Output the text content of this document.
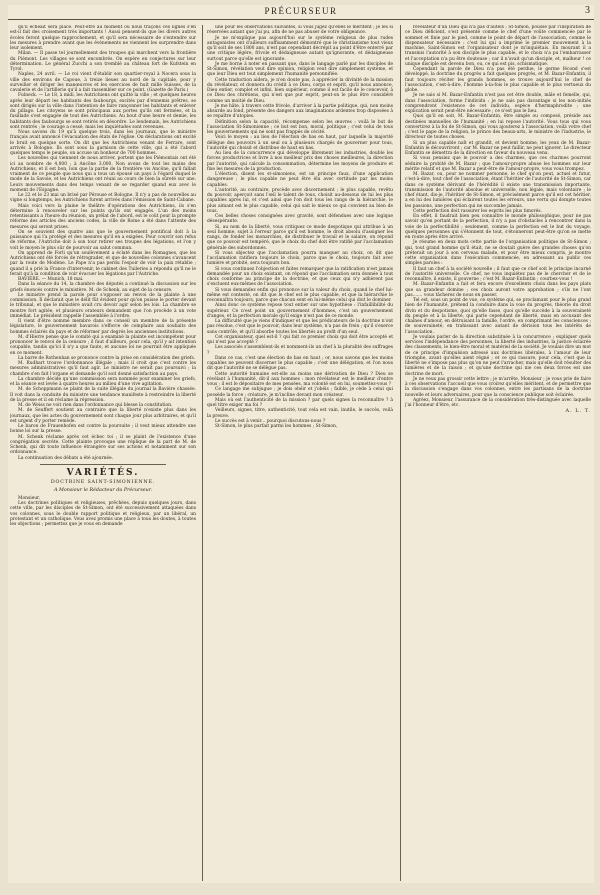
PRÉCURSEUR	3

qu'il échéait sera placé. Peut-être au moment où nous traçons ces lignes s'en est-il fait des croisement très importants ! Aussi pensent-ils que les divers autres écoles feront quelque rapprochement, et qu'il sera nécessaire de s'entendre sur les mesures à prendre avant que les événements ne viennent les surprendre dans leur isolement.

Milan. — Il passe tel journellement des troupes qui marchent vers la frontière du Piémont. Les villages se sont encombrés. On espère en conjectures sur leur détermination. Le général Zucchi a son tremblé au château fort de Kufstein en Tyrol.

Naples, 24 avril. — Le roi vient d'établir son quartier-royal à Nocera sous la ville des environs de Capoue, à treize lieues au nord de la capitale, pour y surveiller et diriger les manœuvres et les exercices de huit mille Suisses, de la cavalerie et de l'artillerie qu'il a fait rassembler sur ce point. (Gazette de Paris.)

Fulneck. — Le 18, à midi, les Autrichiens ont quitté la ville ; et quelques heures après leur départ les habitants des faubourgs, excités par d'ennemis prêtres, se sont dirigés sur la ville dans l'intention de faire rançonner les habitants et enlever du pillage. Les citoyens se sont principaux aux portes qu'ils ont fermées, et la fusillade s'est engagée de tout des Autrichiens. Au bout d'une heure et demie, les habitants des faubourgs se sont retirés en désordre. Le lendemain, les Autrichiens sont rentrés ; le courage a cessé, mais les inquiétudes sont revenues.

Nous savons du 19 qu'à quelque trois, dans les journaux, que le ministre français avait annoncé l'évacuation des états de l'église. On déclarations ont excité le bruit en quelque sorte. On dit que les Autrichiens venant de Ferrare, sont arrivés à Bologne. Ils sont sous la garnison de cette ville, qui a été l'abord quelques temps le peuple, on accuse un bonheur de 700 hommes.

Les nouvelles qui viennent de nous arriver, portent que les Piémontais ont été ici au nombre de 4,000 ; à Ancône 3,000. Non avons de tout les mains des Autrichiens, et il est bon, loin que la partie de la frontière vis Ancône, qu'il fallait vraiment de ce peuple que nous qui a tous un épousé un pays à l'égard duquel le mode de la Savoie, et les Autrichiens ont réuni au cours de bien la sûreté sur une. Leurs mouvements dans des temps venant de se regarder quand eux avec le moment de l'Espagne.

Le 22 et le 23 mai un brisé par Pérouse et Bologne. Il n'y a pas de nouvelles au vigne si longtemps, les Autrichiens furent arrivés dans l'émission de Saint-Cabane.

Mais voici vers la plaine le théâtre d'opérations des Autrichiens, ils s'en détermine à renouveler sur les points qu'ils ont engagés. L'un des moins retentissants a l'heure du réunion, un prélat de l'abord, est le coût pour la prompte réforme des articles des anciens codes, la ville de Rome a été dans l'attente des mesures qui seront prises.

On se souvient des quatre ans que le gouvernement pontifical doit à la puissance qui l'a protégé et des mesures qu'il en a exigées. Pour couvrir son refus de réforme, l'Autriche doit à son tour retirer ses troupes des légations, et l'on y voit le moyen le plus sûr de pourvoir au salut commun.

On apprend de Forli qu'un soulèvement a éclaté dans les Romagnes, que les Autrichiens ont été forcés de rétrograder, et que de nouvelles colonnes s'avancent par la route de Modène. Le Pape n'a pas perdu l'espoir de voir la paix rétablie ; quand il a prié la France d'intervenir, le cabinet des Tuileries a répondu qu'il ne le ferait qu'à la condition de voir évacuer les légations par l'Autriche.

BAVIÈRE. — Munich, 18 mai.

Dans la séance du 14, la chambre des députés a continué la discussion sur les griefs énoncés contre le ministère. M. de Schenk, au sujet de la censure.

Le ministre prend la parole pour s'opposer au renvoi de la plainte à une commission. Il déclarait que le délit fût évident pour qu'on puisse le porter devant le tribunal, et que le ministère avait cru devoir agir selon les lois. La chambre se montre fort agitée, et plusieurs orateurs demandent que l'on procède à un vote immédiat. Le président rappelle l'assemblée à l'ordre.

Il vient d'être nommé membre dans ce conseil un membre de la présente législature, le gouvernement bavarois s'efforce de complaire aux souhaits des hommes éclairés du pays et de réformer par degrés les anciennes institutions.

M. d'Hierre pense que le comité qui a examiné la plainte est incompétent pour prononcer le renvoi de la censure ; il faut d'ailleurs, pour cela, qu'il y ait intention coupable, tandis qu'ici il n'y a que faute, et aucune loi ne pourrait être appliquée en ce moment.

La barre de Rothenhan se prononce contre la prise en considération des griefs.

M. Rudhart trouve l'ordonnance illégale ; mais il croit que c'est contre les mesures administratives qu'il faut agir. Le ministre ne serait pas poursuivi ; la chambre s'en fait l'organe et demande qu'il soit donné satisfaction au pays.

La chambre décide qu'une commission sera nommée pour examiner les griefs, et la séance est levée à quatre heures au milieu d'une vive agitation.

M. de Schoppmann se plaint de la suite illégale du journal la Bavière chassée. Il voit dans la conduite du ministre une tendance manifeste à restreindre la liberté de la presse et il en réclame la répression.

M. de Weiss ne voit rien dans l'ordonnance qui blesse la constitution.

M. de Seuffert soutient au contraire que la liberté n'existe plus dans les journaux, que les actes du gouvernement sont chaque jour plus arbitraires, et qu'il est urgent d'y porter remède.

Le baron de Frauenhofen est contre la poursuite ; il veut mieux attendre une bonne loi sur la presse.

M. Schenk réclame après cet échec toi ; il se plaint de l'existence d'une congrégation secrète. Cette plainte provoque une réplique de la part de M. de Schenk, qui dit toute influence étrangère sur ses actions et notamment sur son ordonnance.

La continuation des débats a été ajournée.

VARIÉTÉS.
DOCTRINE SAINT-SIMONIENNE.
A Monsieur le Rédacteur du Précurseur.

Monsieur,

Les doctrines politiques et religieuses, prêchées, depuis quelques jours, dans cette ville, par les disciples de St-Simon, ont été successivement attaquées dans vos colonnes, sous le double rapport politique et religieux, par un libéral, un protestant et un catholique. Vous avez promis une place à tous les doutes, à toutes les objections ; permettez que je vous en demande

une pour les observations suivantes, si vous jugez qu'elles le méritent ; je les si réservées autant que j'ai pu, afin de ne pas abuser de votre obligeance.

Je ne m'explique pas aujourd'hui sur le système religieux de plus rudes antagonistes ont d'ailleurs suffisamment démontré que le christianisme tout vieux qu'il soit de ses 1800 ans, n'est pas cependant décrépit au point d'être enterré par une critique légère, frivole et dédaigneuse autant qu'ignorante, et dédaigneuse surtout parce qu'elle est ignorante.

Je me borne à noter en passant que, dans le langage parlé par les disciples de St-Simon, révélation veut dire opinion, religion veut dire simplement système, et que leur Dieu est tout simplement l'humanité personnifiée.

Cette traduction aidera, je n'en doute pas, à apprécier la divinité de la mission du révélateur, et donnera du crédit à ce Dieu, corps et esprit, qu'il nous annonce, Dieu entier, complet et infini, bien supérieur, comme il est facile de le concevoir, à ce Dieu des chrétiens, qui n'est que pur esprit, peut-on le plus être considéré comme un moitié de Dieu.

Je me hâte, à travers cette frivole, d'arriver à la partie politique, qui, non moins absurde au fond, présente des dangers aux imaginations ardentes trop disposées à se repaître d'utopies.

Définition selon la capacité, récompense selon les œuvres : voilà le but de l'association St-Simonienne ; ce but est bon, moral, politique ; c'est celui de tous les gouvernements qui ne sont pas frappés de cécité.

Voici le moyen : au lieu de l'élection de bas en haut, par laquelle la majorité délègue des pouvoirs à un seul ou à plusieurs chargés de gouverner pour tous, l'autorité qui choisit et distribue de haut en bas.

Au lieu de la concurrence qui développe librement les industries, double les forces productrices et livre à nos meilleur prix des choses meilleures, la direction par l'autorité, qui calcule la consommation, détermine les moyens de produire et fixe les mesures de la production.

L'élection, disent les st-simoniens, est un principe faux, d'une application dangereuse ; le plus capable ne peut être élu avec certitude par les moins capables.

L'autorité, au contraire, procède avec discernement ; le plus capable, revêtu du pouvoir, aperçoit sans l'œil le talent de tous, choisit au-dessous de lui les plus capables après lui, et c'est ainsi que l'on doit tous les rangs de la hiérarchie, le plus aimant est le plus capable, celui qui sait le mieux ce qui convient au bien de tous.

Ces belles choses consignées avec gravité, sont défendues avec une logique désespérante.

Si, au nom de la liberté, vous critiquez ce mode despotique qui attribue à un seul homme, sujet à l'erreur parce qu'il est homme, le droit absolu d'assigner les rangs, de fonder les monarchies, de distribuer le travail et le salaire, on répond que ce pouvoir est tempéré, que le choix du chef doit être ratifié par l'acclamation générale des subordonnés.

Si vous objectez que l'acclamation pourra manquer au choix, on dit que l'acclamation ratifiera toujours le choix, parce que le choix, toujours fait avec lumière et probité, sera toujours bon.

Si vous continuez l'objection et faites remarquer que la ratification n'est jamais demandée pour un choix existant, on répond que l'acclamation sera donnée à tout choix conforme au principe de la doctrine, et que ceux qui n'y adhèrent pas s'excluent eux-mêmes de l'association.

Si vous demandez enfin qui prononce sur la valeur du choix, quand le chef lui-même est contesté, on dit que le chef est le plus capable, et que la hiérarchie le reconnaîtra toujours, parce que chacun sent en lui-même celui qui doit le dominer.

Ainsi donc ce système repose tout entier sur une hypothèse : l'infaillibilité du supérieur. Ce n'est point un gouvernement d'hommes, c'est un gouvernement d'anges, et la perfection morale qu'il exige n'est pas de ce monde.

La difficulté que je viens d'indiquer et que les prédicateurs de la doctrine n'ont pas résolue, c'est que le pouvoir, dans leur système, n'a pas de frein ; qu'il s'exerce sans contrôle, et qu'il absorbe toutes les libertés au profit d'un seul.

Cet organisateur, quel est-il ? qui fait ce premier choix qui doit être accepté et qui n'est pas accepté ?

Les associés s'assemblent-ils et nomment-ils un chef à la pluralité des suffrages ?

Dans ce cas, c'est une élection de bas en haut ; or, nous savons que les moins capables ne peuvent discerner le plus capable ; c'est une délégation, et l'on nous dit que l'autorité ne se délègue pas.

Cette autorité humaine est-elle au moins une dérivation de Dieu ? Dieu se révélant à l'humanité, dit-il aux hommes : mon révélateur est le meilleur d'entre vous ; il est le dépositaire de mes pensées, ma volonté est en lui, soumettez-vous ?

Ce langage me subjugue ; je dois obéir et j'obéis ; faible, je cède à celui qui possède la force ; créature, je m'incline devant mon créateur.

Mais où est l'authenticité de la mission ? par quels signes la reconnaître ? à quel titre exiger ma foi ?

Veilleurs, signes, titre, authenticité, tout cela est vain, inutile, le succès, voilà la preuve.

Le succès est à venir... pourquoi discutons-nous ?

St-Simon, le plus parfait parmi les hommes ; St-Simon,

révélateur d'un Dieu qui n'a pas d'autels ; St-Simon, poussé par l'inspiration de ce Dieu déficient, s'est présenté comme le chef d'une voûte commencée par le sommet et finie par le pied, comme le point de départ de l'association, comme le dispensateur nécessaire : c'est lui qui a imprimé le premier mouvement à la machine, Saint-Simon est l'organisateur dont je m'inquiétais. En mourant il a transmis l'autorité à son disciple le plus capable, et le choix n'a pu l'embarrasser et l'acceptation n'a pu être douteuse ; car il n'avait qu'un disciple, et, malheur ! ce unique disciple est devenu bon, ou, ce qui est pis, schismatique.

Cependant la parole de Dieu n'a pas été perdue, le germe fécond s'est développé, la doctrine du progrès a fait quelques progrès, et M. Bazar-Enfantin, il faut toujours réciter les grands hommes, se trouve aujourd'hui le chef de l'association, c'est-à-dire, l'homme à-la-fois le plus capable et le plus vertueux du globe.

Je ne sais si M. Bazar-Enfantin n'est pas cet être double, mâle et femelle, qui, dans l'association, forme l'individu : je ne sais pas davantage si les non-initiés comprendront l'existence de cet individu, espèce d'hermaphrodite ; une explication serait peut-être nécessaire ; ce n'est pas le lieu.

Quoi qu'il en soit, M. Bazar-Enfantin, être simple ou composé, préside aux destinées manuelles de l'humanité ; en lui repose l'autorité. Vous tous qui vous convertirez à la foi de St-Simon, qui vous ajouterez à l'association, voilà votre chef ; c'est le pape de la religion, le prince des beaux-arts, le ministre de l'industrie, le directeur de toutes choses.

Si un plus capable naît et grandit, et devient homme, les yeux de M. Bazar-Enfantin le découvriront ; car M. Bazar ne peut faillir, ne peut ignorer. Le directeur Enfantin se démettra de la direction en faveur du nouveau venu.

Si vous pensiez que le pouvoir a des charmes, que ces charmes pourront séduire la probité de M. Bazar ; que l'amour-propre abuse les hommes sur leur mérite relatif et que M. Bazar a peut-être de l'amour-propre, vous vous trompez.

M. Bazar, ou, pour ne nommer personne, le chef qu'on peut, actuel et futur, c'est-à-dire, tout chef de l'association, étant l'héritier de l'autorité de St-Simon, car dans ce système dérivant de l'hérédité il existe une transmission importante, transmission de l'autorité absolue et universelle, non légale, mais volontaire ; le chef étant, dis-je, l'héritier de St-Simon, et précisément parce qu'il est cet héritier, a en lui des lumières qui éclairent toutes les erreurs, une vertu qui dompte toutes les passions, une perfection qui ne succombe jamais.

Cette perfection doit rassurer les esprits les plus timorés.

En effet, il faudrait bien peu connaître le monde philosophique, pour ne pas savoir qu'en portant de la perfection, il n'y a pas d'obstacles à rencontrer dans la voie de la perfectibilité ; seulement, comme la perfection est le but du voyage, quelques personnes qui s'étonnent de tout, s'étonneront peut-être qu'on se mette en route après être arrivé.

Je résume en deux mots cette partie de l'organisation politique de St-Simon ; qui, tout grand homme qu'il était, ne se doutait guère des grandes choses qu'on préterait un jour à son cerveau malade, et pour être mieux compris, je montre cette organisation dans l'exécution commencée, en adressant au public ces simples paroles :

Il faut un chef à la société nouvelle ; il faut que ce chef soit le principe incarné de l'autorité universelle. Ce chef, ne vous inquiétez pas de le chercher et de le reconnaître, il existe, il gouverne ; c'est M. Bazar-Enfantin ; courbez-vous !

M. Bazar-Enfantin a fait et fera encore d'excellents choix dans les pays plats que sa grandeur domine ; ces choix auront votre approbation ; s'ils ne l'ont pas....... vous tâcherez de nous en passer.

Tel est, sous un point de vue, ce système qui, se proclamant pour le plus grand bien de l'humanité, prétend la conduire dans la voie du progrès, théorie du droit divin et du despotisme, quoi qu'elle fasse, quoi qu'elle succède à la souveraineté du peuple et à la liberté, qui parle cependant de liberté, mais en accusant des chaînes d'amour, en détruisant la famille, l'ordre, en comprimant les consciences ; de souveraineté, en trahissant avec autant de dérision tous les intérêts de l'association.

Je voulais parler de la direction substituée à la concurrence ; expliquer quels services l'indépendance des personnes, la liberté des industries, la justice éclairée des classements, le bien-être moral et matériel de la société. Je voulais dire un mot de ce principe d'impulsion adressé aux doctrines libérales, à l'amour de leur triomphe, avant qu'elles aient régné ; et ce qui rassure, pour cela, c'est que la liberté ne s'impose pas plus qu'on ne peut l'arracher, mais qu'elle doit résulter des lumières et de la raison ; et qu'une doctrine qui nie ces deux forces est une doctrine de mort.

Je ne veux pas grossir cette lettre ; je m'arrête, Monsieur ; je vous prie de faire à ces observations l'accueil que vous croirez qu'elles méritent, et de permettre que la discussion s'engage dans vos colonnes, entre les partisans de la doctrine nouvelle et leurs adversaires, pour que la conscience publique soit éclairée.

Agréez, Monsieur, l'assurance de la considération très-distinguée avec laquelle j'ai l'honneur d'être, etc.

A. L. T.
